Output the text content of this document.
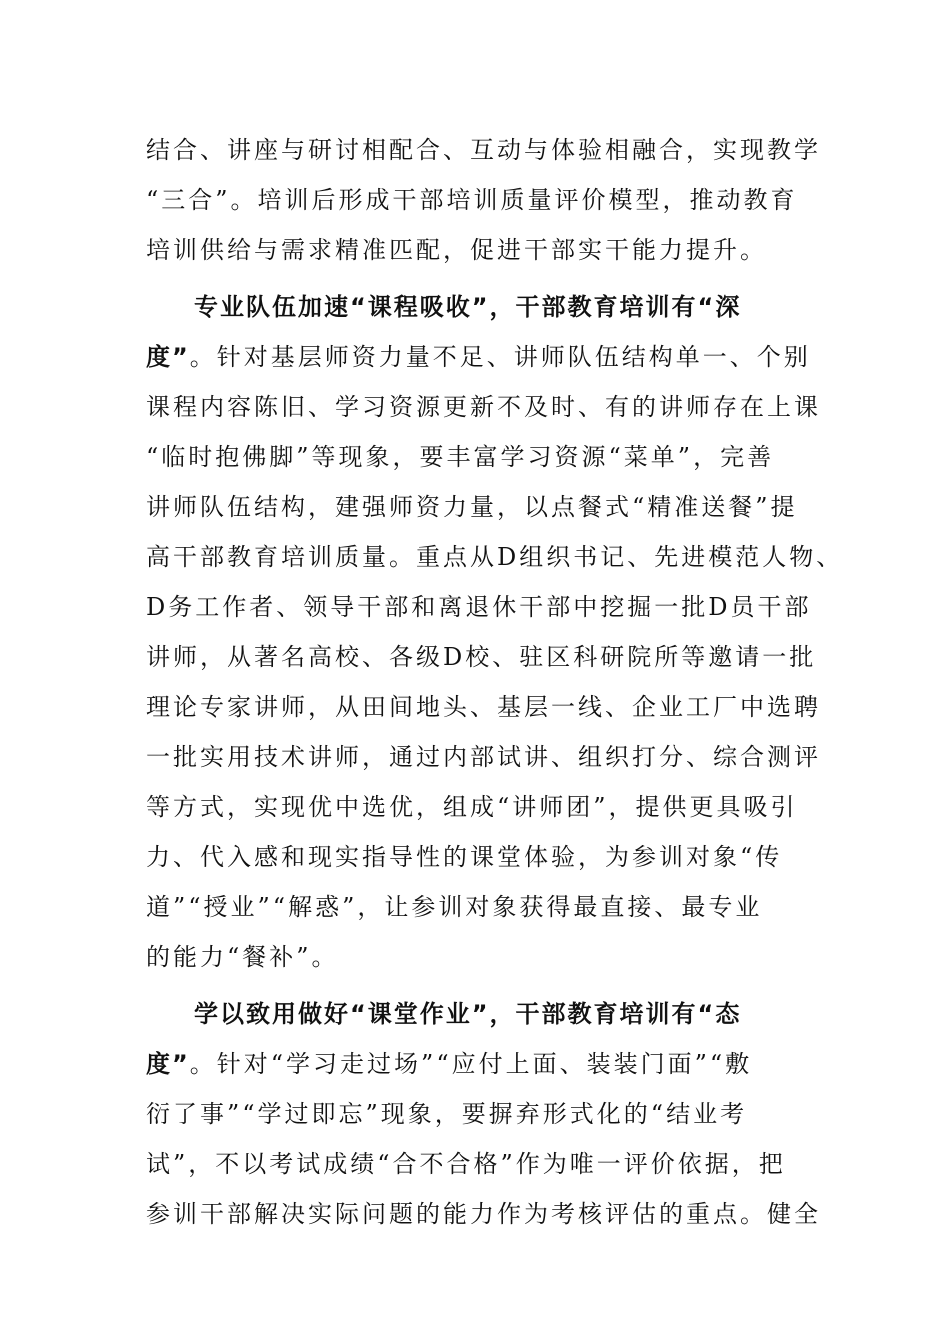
结合、讲座与研讨相配合、互动与体验相融合，实现教学
“三合”。培训后形成干部培训质量评价模型，推动教育
培训供给与需求精准匹配，促进干部实干能力提升。
专业队伍加速“课程吸收”，干部教育培训有“深
度”。针对基层师资力量不足、讲师队伍结构单一、个别
课程内容陈旧、学习资源更新不及时、有的讲师存在上课
“临时抱佛脚”等现象，要丰富学习资源“菜单”，完善
讲师队伍结构，建强师资力量，以点餐式“精准送餐”提
高干部教育培训质量。重点从D组织书记、先进模范人物、
D务工作者、领导干部和离退休干部中挖掘一批D员干部
讲师，从著名高校、各级D校、驻区科研院所等邀请一批
理论专家讲师，从田间地头、基层一线、企业工厂中选聘
一批实用技术讲师，通过内部试讲、组织打分、综合测评
等方式，实现优中选优，组成“讲师团”，提供更具吸引
力、代入感和现实指导性的课堂体验，为参训对象“传
道”“授业”“解惑”，让参训对象获得最直接、最专业
的能力“餐补”。
学以致用做好“课堂作业”，干部教育培训有“态
度”。针对“学习走过场”“应付上面、装装门面”“敷
衍了事”“学过即忘”现象，要摒弃形式化的“结业考
试”，不以考试成绩“合不合格”作为唯一评价依据，把
参训干部解决实际问题的能力作为考核评估的重点。健全
